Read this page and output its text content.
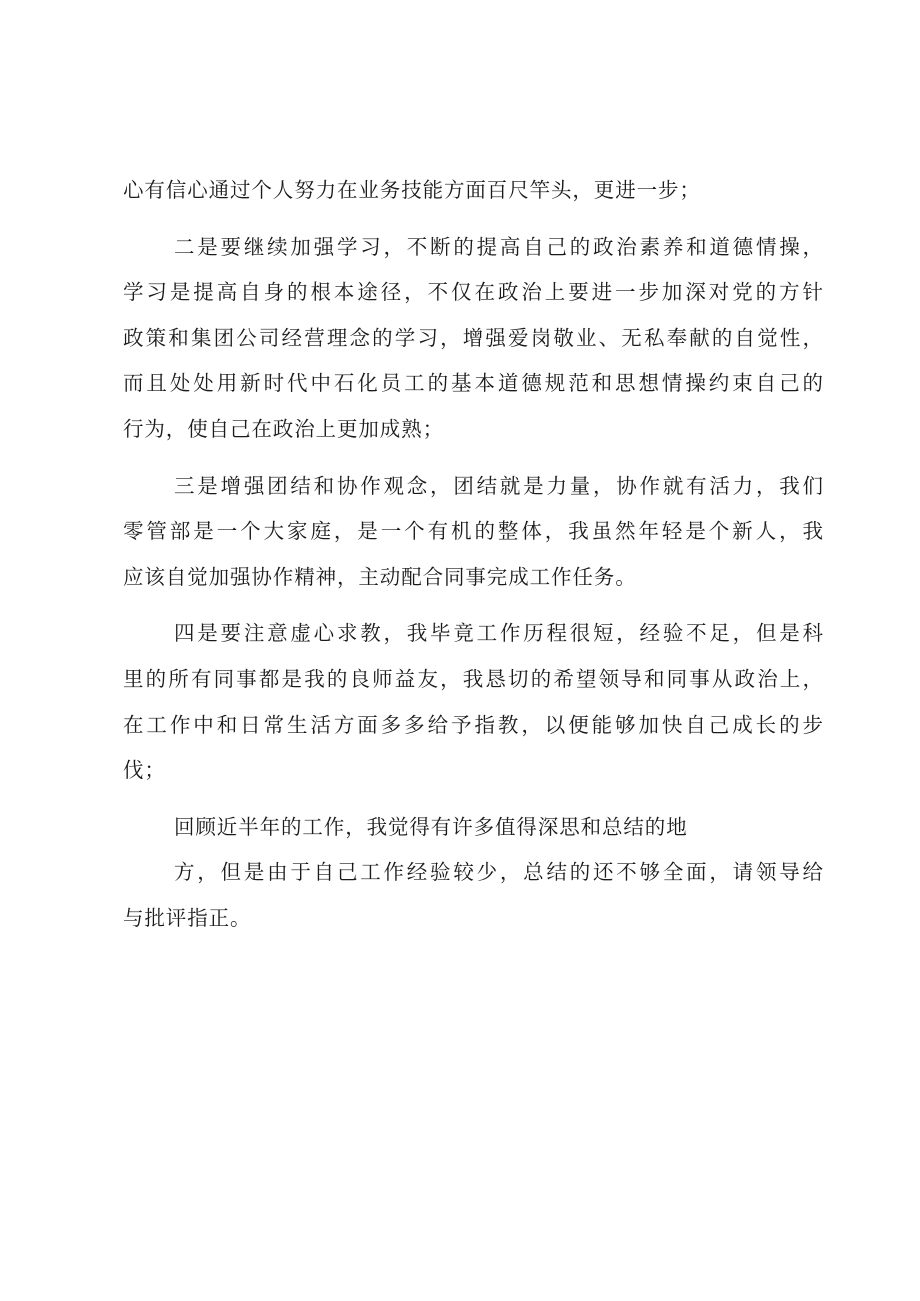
心有信心通过个人努力在业务技能方面百尺竿头，更进一步；
二是要继续加强学习，不断的提高自己的政治素养和道德情操，
学习是提高自身的根本途径，不仅在政治上要进一步加深对党的方针
政策和集团公司经营理念的学习，增强爱岗敬业、无私奉献的自觉性，
而且处处用新时代中石化员工的基本道德规范和思想情操约束自己的
行为，使自己在政治上更加成熟；
三是增强团结和协作观念，团结就是力量，协作就有活力，我们
零管部是一个大家庭，是一个有机的整体，我虽然年轻是个新人，我
应该自觉加强协作精神，主动配合同事完成工作任务。
四是要注意虚心求教，我毕竟工作历程很短，经验不足，但是科
里的所有同事都是我的良师益友，我恳切的希望领导和同事从政治上，
在工作中和日常生活方面多多给予指教，以便能够加快自己成长的步
伐；
回顾近半年的工作，我觉得有许多值得深思和总结的地
方，但是由于自己工作经验较少，总结的还不够全面，请领导给
与批评指正。
